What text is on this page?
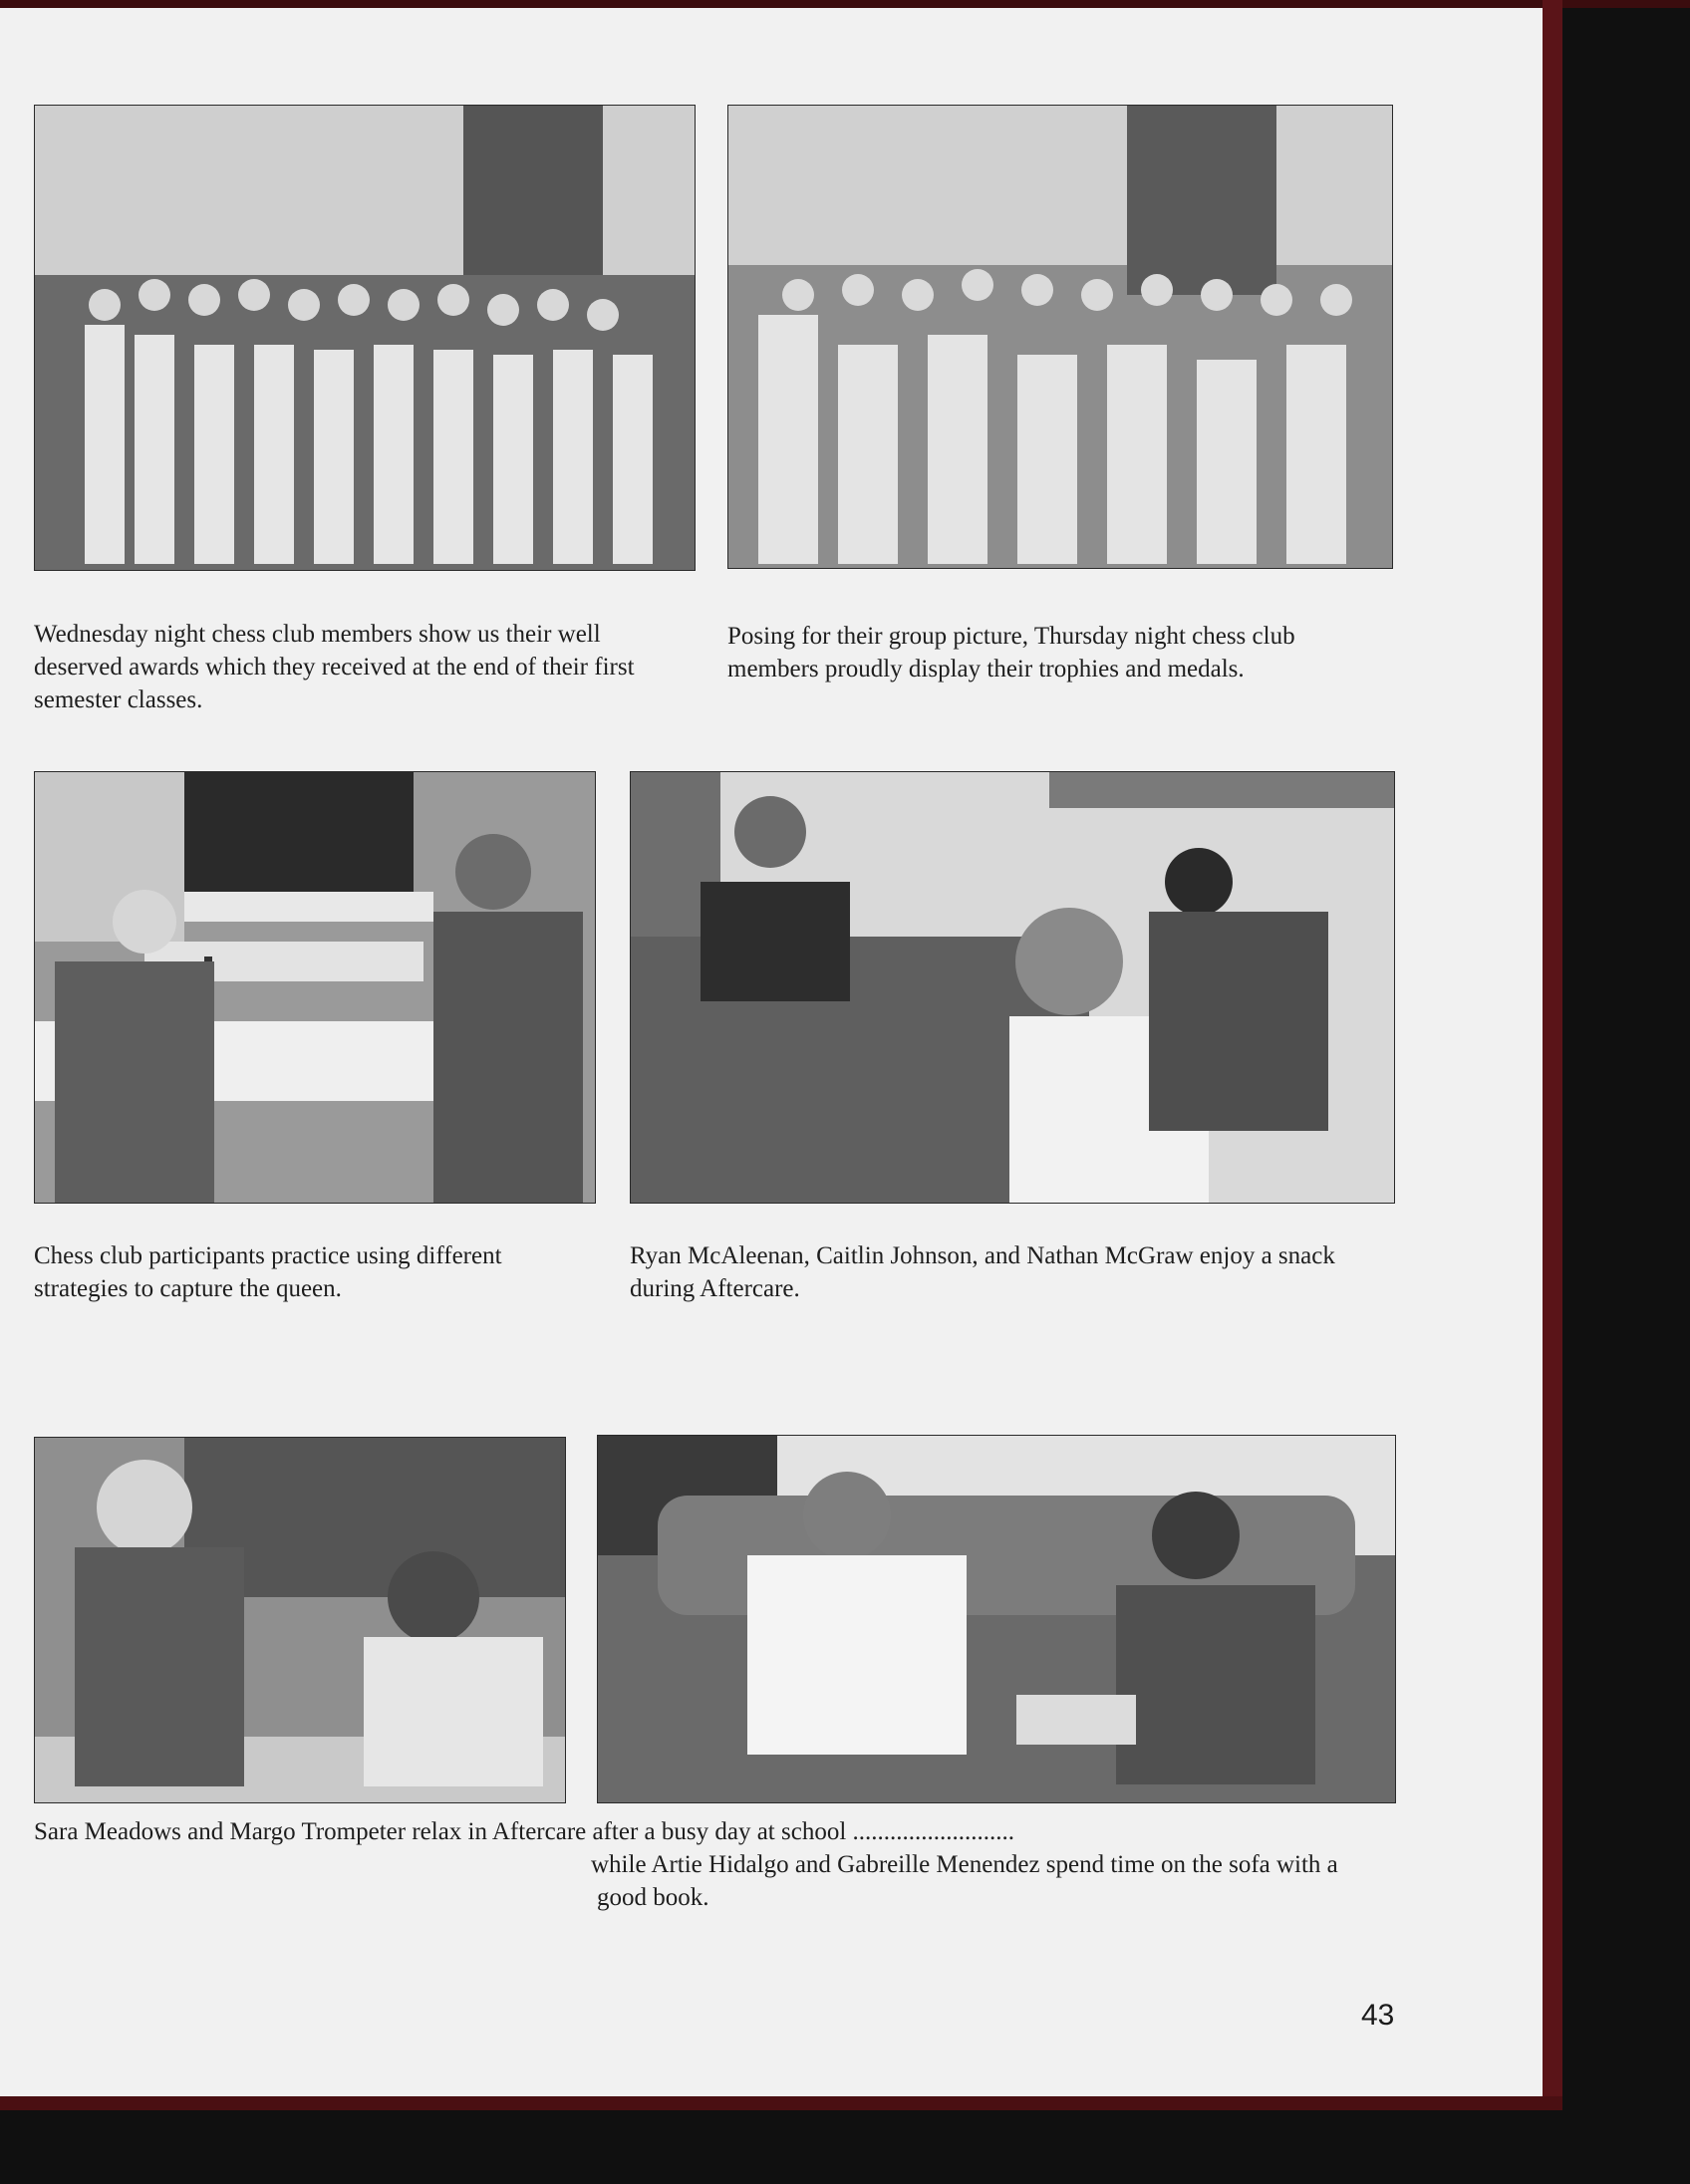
Wednesday night chess club members show us their well deserved awards which they received at the end of their first semester classes.

Posing for their group picture, Thursday night chess club members proudly display their trophies and medals.

Chess club participants practice using different strategies to capture the queen.

Ryan McAleenan, Caitlin Johnson, and Nathan McGraw enjoy a snack during Aftercare.

Sara Meadows and Margo Trompeter relax in Aftercare after a busy day at school ..........................

while Artie Hidalgo and Gabreille Menendez spend time on the sofa with a good book.

43
